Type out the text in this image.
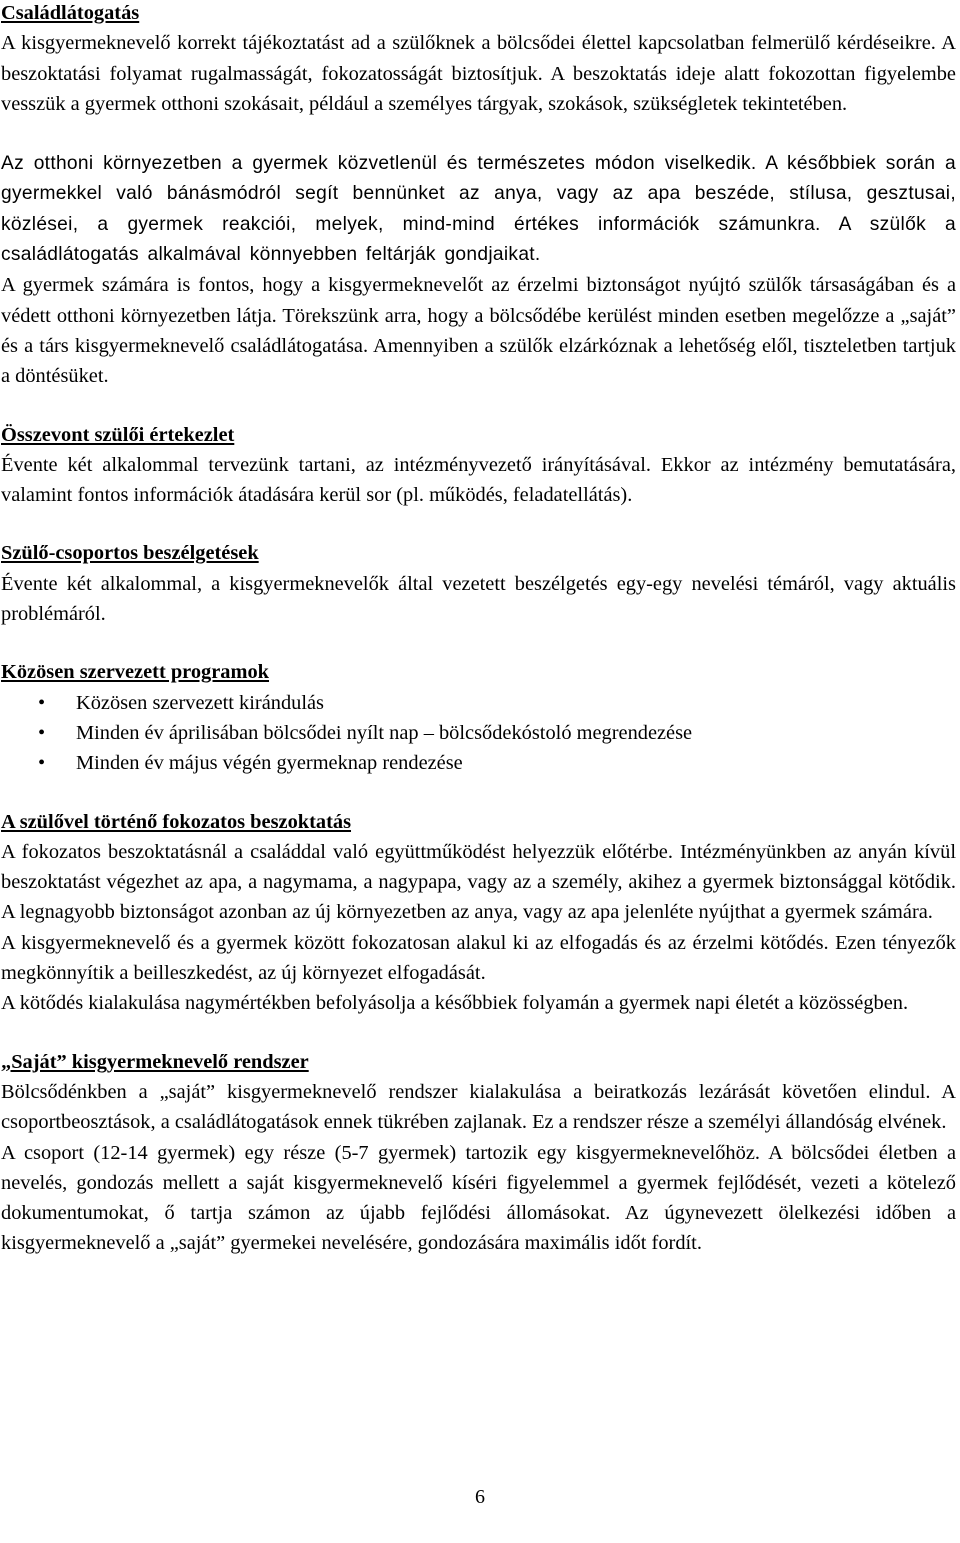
Családlátogatás

A kisgyermeknevelő korrekt tájékoztatást ad a szülőknek a bölcsődei élettel kapcsolatban felmerülő kérdéseikre. A beszoktatási folyamat rugalmasságát, fokozatosságát biztosítjuk. A beszoktatás ideje alatt fokozottan figyelembe vesszük a gyermek otthoni szokásait, például a személyes tárgyak, szokások, szükségletek tekintetében.

Az otthoni környezetben a gyermek közvetlenül és természetes módon viselkedik. A későbbiek során a gyermekkel való bánásmódról segít bennünket az anya, vagy az apa beszéde, stílusa, gesztusai, közlései, a gyermek reakciói, melyek, mind-mind értékes információk számunkra. A szülők a családlátogatás alkalmával könnyebben feltárják gondjaikat.

A gyermek számára is fontos, hogy a kisgyermeknevelőt az érzelmi biztonságot nyújtó szülők társaságában és a védett otthoni környezetben látja. Törekszünk arra, hogy a bölcsődébe kerülést minden esetben megelőzze a „saját” és a társ kisgyermeknevelő családlátogatása. Amennyiben a szülők elzárkóznak a lehetőség elől, tiszteletben tartjuk a döntésüket.

Összevont szülői értekezlet

Évente két alkalommal tervezünk tartani, az intézményvezető irányításával. Ekkor az intézmény bemutatására, valamint fontos információk átadására kerül sor (pl. működés, feladatellátás).

Szülő-csoportos beszélgetések

Évente két alkalommal, a kisgyermeknevelők által vezetett beszélgetés egy-egy nevelési témáról, vagy aktuális problémáról.

Közösen szervezett programok

• Közösen szervezett kirándulás
• Minden év áprilisában bölcsődei nyílt nap – bölcsődekóstoló megrendezése
• Minden év május végén gyermeknap rendezése

A szülővel történő fokozatos beszoktatás

A fokozatos beszoktatásnál a családdal való együttműködést helyezzük előtérbe. Intézményünkben az anyán kívül beszoktatást végezhet az apa, a nagymama, a nagypapa, vagy az a személy, akihez a gyermek biztonsággal kötődik. A legnagyobb biztonságot azonban az új környezetben az anya, vagy az apa jelenléte nyújthat a gyermek számára.

A kisgyermeknevelő és a gyermek között fokozatosan alakul ki az elfogadás és az érzelmi kötődés. Ezen tényezők megkönnyítik a beilleszkedést, az új környezet elfogadását.

A kötődés kialakulása nagymértékben befolyásolja a későbbiek folyamán a gyermek napi életét a közösségben.

„Saját” kisgyermeknevelő rendszer

Bölcsődénkben a „saját” kisgyermeknevelő rendszer kialakulása a beiratkozás lezárását követően elindul. A csoportbeosztások, a családlátogatások ennek tükrében zajlanak. Ez a rendszer része a személyi állandóság elvének.

A csoport (12-14 gyermek) egy része (5-7 gyermek) tartozik egy kisgyermeknevelőhöz. A bölcsődei életben a nevelés, gondozás mellett a saját kisgyermeknevelő kíséri figyelemmel a gyermek fejlődését, vezeti a kötelező dokumentumokat, ő tartja számon az újabb fejlődési állomásokat. Az úgynevezett ölelkezési időben a kisgyermeknevelő a „saját” gyermekei nevelésére, gondozására maximális időt fordít.

6
